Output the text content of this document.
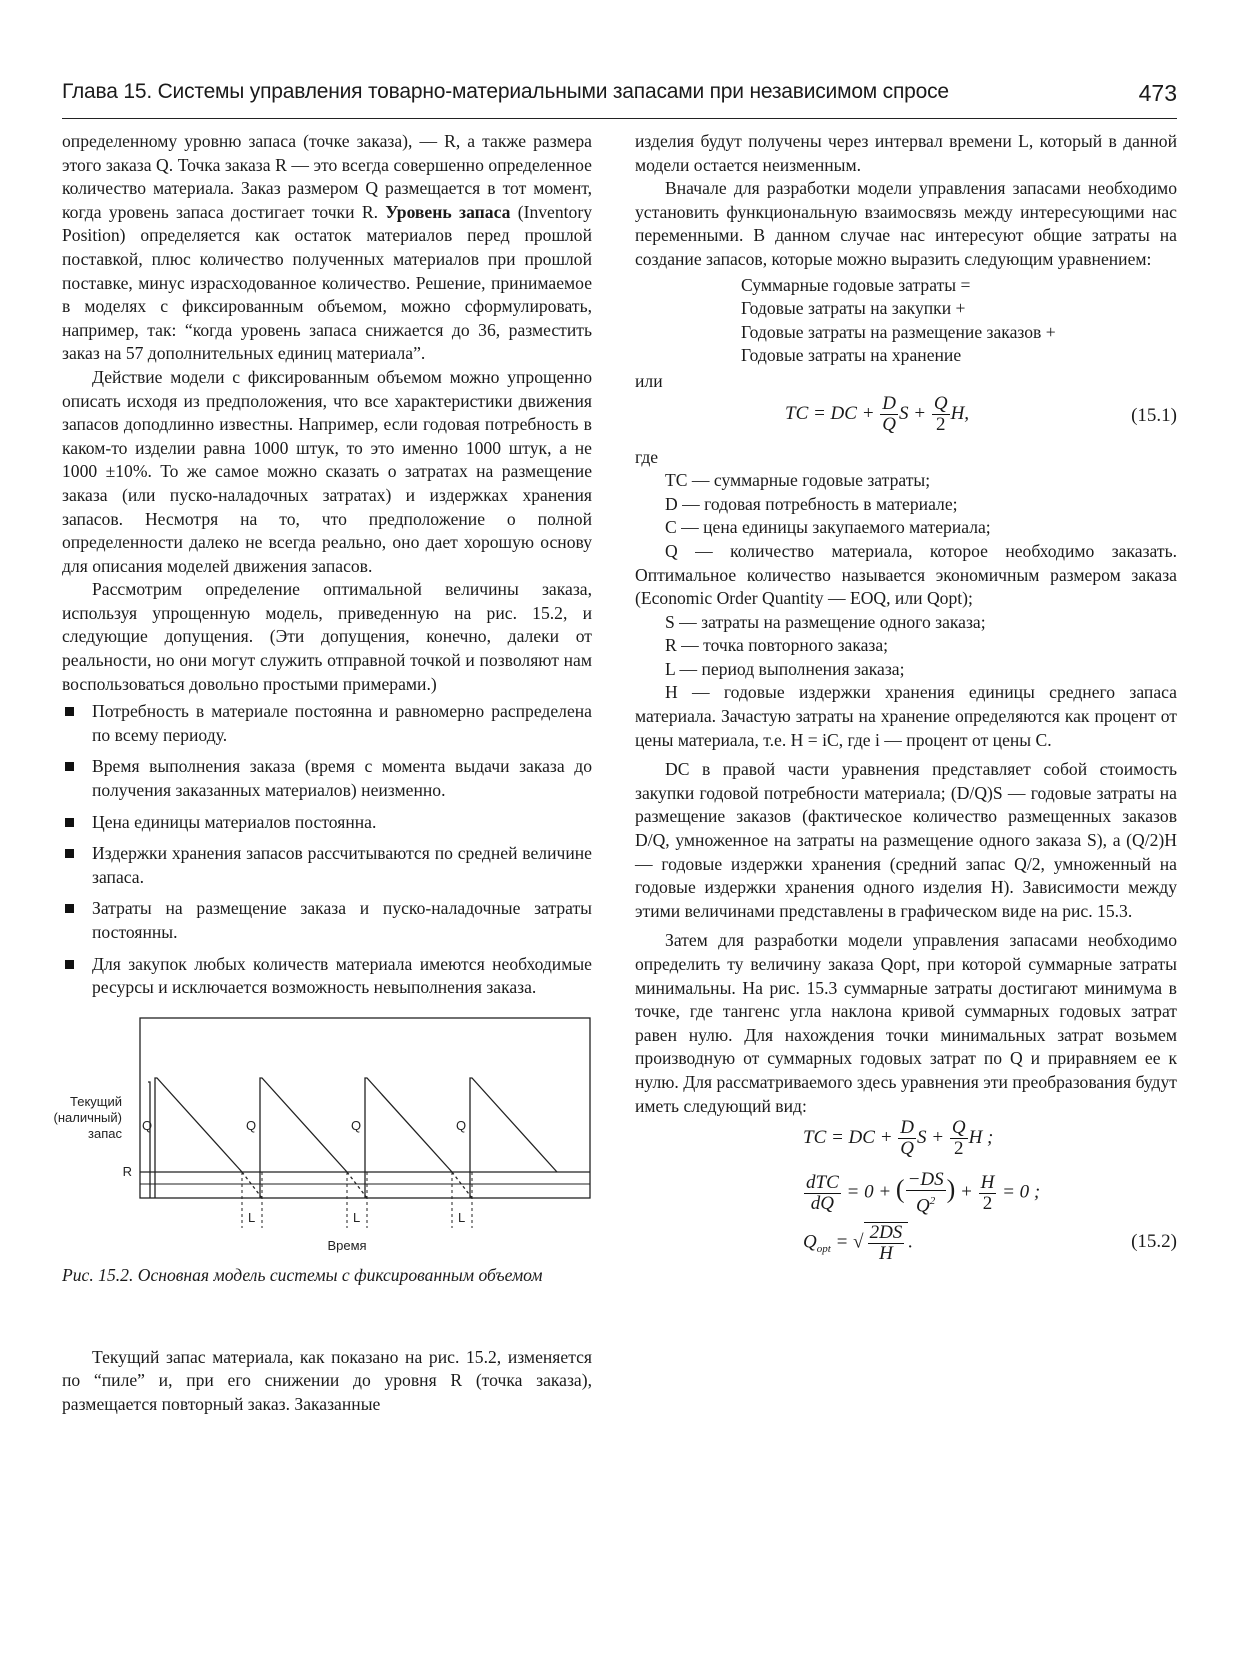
Глава 15. Системы управления товарно-материальными запасами при независимом спросе	473

определенному уровню запаса (точке заказа), — R, а также размера этого заказа Q. Точка заказа R — это всегда совершенно определенное количество материала. Заказ размером Q размещается в тот момент, когда уровень запаса достигает точки R. Уровень запаса (Inventory Position) определяется как остаток материалов перед прошлой поставкой, плюс количество полученных материалов при прошлой поставке, минус израсходованное количество. Решение, принимаемое в моделях с фиксированным объемом, можно сформулировать, например, так: “когда уровень запаса снижается до 36, разместить заказ на 57 дополнительных единиц материала”.

Действие модели с фиксированным объемом можно упрощенно описать исходя из предположения, что все характеристики движения запасов доподлинно известны. Например, если годовая потребность в каком-то изделии равна 1000 штук, то это именно 1000 штук, а не 1000 ±10%. То же самое можно сказать о затратах на размещение заказа (или пуско-наладочных затратах) и издержках хранения запасов. Несмотря на то, что предположение о полной определенности далеко не всегда реально, оно дает хорошую основу для описания моделей движения запасов.

Рассмотрим определение оптимальной величины заказа, используя упрощенную модель, приведенную на рис. 15.2, и следующие допущения. (Эти допущения, конечно, далеки от реальности, но они могут служить отправной точкой и позволяют нам воспользоваться довольно простыми примерами.)

Потребность в материале постоянна и равномерно распределена по всему периоду.
Время выполнения заказа (время с момента выдачи заказа до получения заказанных материалов) неизменно.
Цена единицы материалов постоянна.
Издержки хранения запасов рассчитываются по средней величине запаса.
Затраты на размещение заказа и пуско-наладочные затраты постоянны.
Для закупок любых количеств материала имеются необходимые ресурсы и исключается возможность невыполнения заказа.
Текущий
(наличный)
запас
R
Q	Q	Q	Q
L	L	L
Время

Рис. 15.2. Основная модель системы с фиксированным объемом

Текущий запас материала, как показано на рис. 15.2, изменяется по “пиле” и, при его снижении до уровня R (точка заказа), размещается повторный заказ. Заказанные

изделия будут получены через интервал времени L, который в данной модели остается неизменным.

Вначале для разработки модели управления запасами необходимо установить функциональную взаимосвязь между интересующими нас переменными. В данном случае нас интересуют общие затраты на создание запасов, которые можно выразить следующим уравнением:

Суммарные годовые затраты =
Годовые затраты на закупки +
Годовые затраты на размещение заказов +
Годовые затраты на хранение

или

TC = DC + $\frac{D}{Q}$ $S + \frac{Q}{2} H$,	(15.1)

где

TC — суммарные годовые затраты;

D — годовая потребность в материале;

C — цена единицы закупаемого материала;

Q — количество материала, которое необходимо заказать. Оптимальное количество называется экономичным размером заказа (Economic Order Quantity — EOQ, или Qopt);

S — затраты на размещение одного заказа;

R — точка повторного заказа;

L — период выполнения заказа;

H — годовые издержки хранения единицы среднего запаса материала. Зачастую затраты на хранение определяются как процент от цены материала, т.е. H = iC, где i — процент от цены C.

DC в правой части уравнения представляет собой стоимость закупки годовой потребности материала; (D/Q)S — годовые затраты на размещение заказов (фактическое количество размещенных заказов D/Q, умноженное на затраты на размещение одного заказа S), а (Q/2)H — годовые издержки хранения (средний запас Q/2, умноженный на годовые издержки хранения одного изделия H). Зависимости между этими величинами представлены в графическом виде на рис. 15.3.

Затем для разработки модели управления запасами необходимо определить ту величину заказа Qopt, при которой суммарные затраты минимальны. На рис. 15.3 суммарные затраты достигают минимума в точке, где тангенс угла наклона кривой суммарных годовых затрат равен нулю. Для нахождения точки минимальных затрат возьмем производную от суммарных годовых затрат по Q и приравняем ее к нулю. Для рассматриваемого здесь уравнения эти преобразования будут иметь следующий вид:

TC = DC + $\frac{D}{Q}$ $S + \frac{Q}{2}$ H ;
$\frac{\text{dTC}}{dQ} = 0$ + ( $\frac{-DS}{Q^2}$ ) + $\frac{H}{2} = 0$ ;
$Q_{opt}$ = √ $\frac{2DS}{H}$ .	(15.2)
